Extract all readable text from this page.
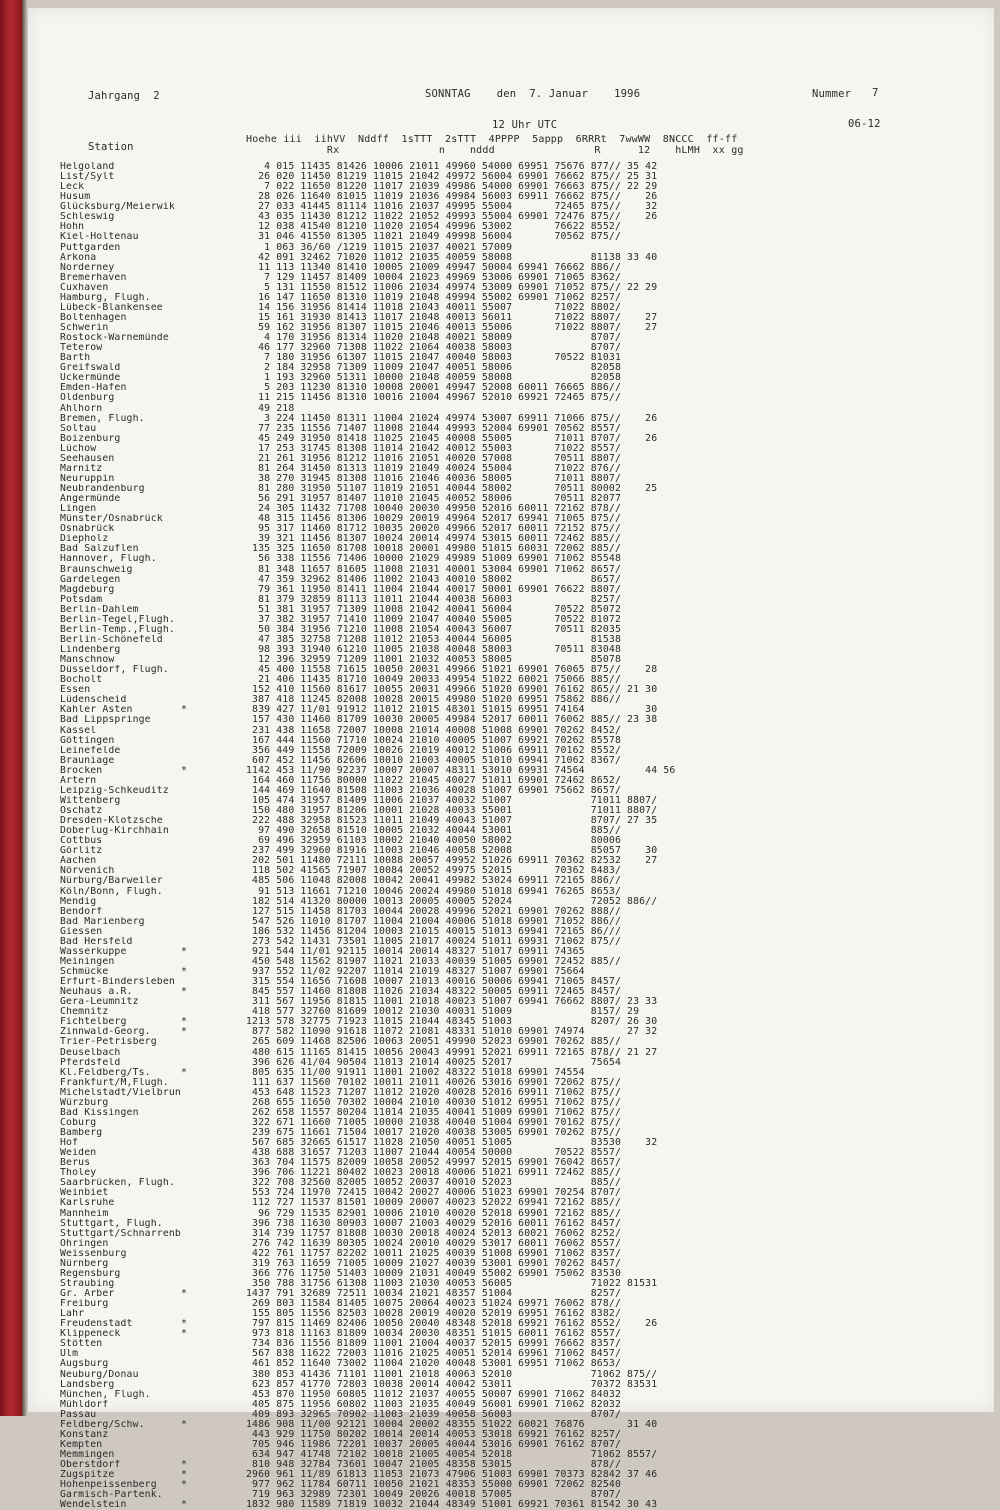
Jahrgang  2	SONNTAG    den  7. Januar    1996	Nummer 7
12 Uhr UTC	06-12
Station
Hoehe iii  iihVV  Nddff  1sTTT  2sTTT  4PPPP  5appp  6RRRt  7wwWW  8NCCC  ff-ff
Rx                n    nddd                R      12    hLMH  xx gg
Helgoland	4 015 11435 81426 10006 21011 49960 54000 69951 75676 877// 35 42
List/Sylt	26 020 11450 81219 11015 21042 49972 56004 69901 76662 875// 25 31
Leck	7 022 11650 81220 11017 21039 49986 54000 69901 76663 875// 22 29
Husum	28 026 11640 81015 11019 21036 49984 56003 69911 76662 875//    26
Glücksburg/Meierwik	27 033 41445 81114 11016 21037 49995 55004       72465 875//    32
Schleswig	43 035 11430 81212 11022 21052 49993 55004 69901 72476 875//    26
Hohn	12 038 41540 81210 11020 21054 49996 53002       76622 8552/
Kiel-Holtenau	31 046 41550 81305 11021 21049 49998 56004       70562 875//
Puttgarden	1 063 36/60 /1219 11015 21037 40021 57009
Arkona	42 091 32462 71020 11012 21035 40059 58008             81138 33 40
Norderney	11 113 11340 81410 10005 21009 49947 50004 69941 76662 886//
Bremerhaven	7 129 11457 81409 10004 21023 49969 53006 69901 71065 8362/
Cuxhaven	5 131 11550 81512 11006 21034 49974 53009 69901 71052 875// 22 29
Hamburg, Flugh.	16 147 11650 81310 11019 21048 49994 55002 69901 71062 8257/
Lübeck-Blankensee	14 156 31956 81414 11018 21043 40011 55007       71022 8802/
Boltenhagen	15 161 31930 81413 11017 21048 40013 56011       71022 8807/    27
Schwerin	59 162 31956 81307 11015 21046 40013 55006       71022 8807/    27
Rostock-Warnemünde	4 170 31956 81314 11020 21048 40021 58009             8707/
Teterow	46 177 32960 71308 11022 21064 40038 58003             8707/
Barth	7 180 31956 61307 11015 21047 40040 58003       70522 81031
Greifswald	2 184 32958 71309 11009 21047 40051 58006             82058
Ückermünde	1 193 32960 51311 10000 21048 40059 58008             82058
Emden-Hafen	5 203 11230 81310 10008 20001 49947 52008 60011 76665 886//
Oldenburg	11 215 11456 81310 10016 21004 49967 52010 69921 72465 875//
Ahlhorn	49 218
Bremen, Flugh.	3 224 11450 81311 11004 21024 49974 53007 69911 71066 875//    26
Soltau	77 235 11556 71407 11008 21044 49993 52004 69901 70562 8557/
Boizenburg	45 249 31950 81418 11025 21045 40008 55005       71011 8707/    26
Lüchow	17 253 31745 81308 11014 21042 40012 55003       71022 8557/
Seehausen	21 261 31956 81212 11016 21051 40020 57008       70511 8807/
Marnitz	81 264 31450 81313 11019 21049 40024 55004       71022 876//
Neuruppin	38 270 31945 81308 11016 21046 40036 58005       71011 8807/
Neubrandenburg	81 280 31950 51107 11019 21051 40044 58002       70511 80002    25
Angermünde	56 291 31957 81407 11010 21045 40052 58006       70511 82077
Lingen	24 305 11432 71708 10040 20030 49950 52016 60011 72162 878//
Münster/Osnabrück	48 315 11456 81306 10029 20019 49964 52017 69941 71065 875//
Osnabrück	95 317 11460 81712 10035 20020 49966 52017 60011 72152 875//
Diepholz	39 321 11456 81307 10024 20014 49974 53015 60011 72462 885//
Bad Salzuflen	135 325 11650 81708 10018 20001 49980 51015 60031 72062 885//
Hannover, Flugh.	56 338 11556 71406 10000 21029 49989 51009 69901 71062 85548
Braunschweig	81 348 11657 81605 11008 21031 40001 53004 69901 71062 8657/
Gardelegen	47 359 32962 81406 11002 21043 40010 58002             8657/
Magdeburg	79 361 11950 81411 11004 21044 40017 50001 69901 76622 8807/
Potsdam	81 379 32859 81113 11011 21044 40038 56003             8257/
Berlin-Dahlem	51 381 31957 71309 11008 21042 40041 56004       70522 85072
Berlin-Tegel,Flugh.	37 382 31957 71410 11009 21047 40040 55005       70522 81072
Berlin-Temp.,Flugh.	50 384 31956 71210 11008 21054 40043 56007       70511 82035
Berlin-Schönefeld	47 385 32758 71208 11012 21053 40044 56005             81538
Lindenberg	98 393 31940 61210 11005 21038 40048 58003       70511 83048
Manschnow	12 396 32959 71209 11001 21032 40053 58005             85078
Düsseldorf, Flugh.	45 400 11558 71615 10050 20031 49966 51021 69901 76065 875//    28
Bocholt	21 406 11435 81710 10049 20033 49954 51022 60021 75066 885//
Essen	152 410 11560 81617 10055 20031 49966 51020 69901 76162 865// 21 30
Lüdenscheid	387 418 11245 82008 10028 20015 49980 51020 69951 75862 886//
Kahler Asten        *	839 427 11/01 91912 11012 21015 48301 51015 69951 74164          30
Bad Lippspringe	157 430 11460 81709 10030 20005 49984 52017 60011 76062 885// 23 38
Kassel	231 438 11658 72007 10008 21014 40008 51008 69901 70262 8452/
Göttingen	167 444 11560 71710 10024 21010 40005 51007 69921 70262 85578
Leinefelde	356 449 11558 72009 10026 21019 40012 51006 69911 70162 8552/
Brauniage	607 452 11456 82606 10010 21003 40005 51010 69941 71062 8367/
Brocken             *	1142 453 11/90 92237 10007 20007 48311 53010 69931 74564          44 56
Artern	164 460 11756 80000 11022 21045 40027 51011 69901 72462 8652/
Leipzig-Schkeuditz	144 469 11640 81508 11003 21036 40028 51007 69901 75662 8657/
Wittenberg	105 474 31957 81409 11006 21037 40032 51007             71011 8807/
Oschatz	150 480 31957 81206 10001 21028 40033 55001             71011 8807/
Dresden-Klotzsche	222 488 32958 81523 11011 21049 40043 51007             8707/ 27 35
Doberlug-Kirchhain	97 490 32658 81510 10005 21032 40044 53001             885//
Cottbus	69 496 32959 61103 10002 21040 40050 58002             80006
Görlitz	237 499 32960 81916 11003 21046 40058 52008             85057    30
Aachen	202 501 11480 72111 10088 20057 49952 51026 69911 70362 82532    27
Nörvenich	118 502 41565 71907 10084 20052 49975 52015       70362 8483/
Nürburg/Barweiler	485 506 11048 82008 10042 20041 49982 53024 69911 72165 886//
Köln/Bonn, Flugh.	91 513 11661 71210 10046 20024 49980 51018 69941 76265 8653/
Mendig	182 514 41320 80000 10013 20005 40005 52024             72052 886//
Bendorf	127 515 11458 81703 10044 20028 49996 52021 69901 70262 888//
Bad Marienberg	547 526 11010 81707 11004 21004 40006 51018 69901 71052 886//
Giessen	186 532 11456 81204 10003 21015 40015 51013 69941 72165 86///
Bad Hersfeld	273 542 11431 73501 11005 21017 40024 51011 69931 71062 875//
Wasserkuppe         *	921 544 11/01 92115 10014 20014 48327 51017 69911 74365
Meiningen	450 548 11562 81907 11021 21033 40039 51005 69901 72452 885//
Schmücke            *	937 552 11/02 92207 11014 21019 48327 51007 69901 75664
Erfurt-Bindersleben	315 554 11656 71608 10007 21013 40016 50006 69941 71065 8457/
Neuhaus a.R.        *	845 557 11460 81808 11026 21034 48322 50005 69911 72465 8457/
Gera-Leumnitz	311 567 11956 81815 11001 21018 40023 51007 69941 76662 8807/ 23 33
Chemnitz	418 577 32760 81609 10012 21030 40031 51009             8157/ 29
Fichtelberg         *	1213 578 32775 71923 11015 21044 48345 51003             8207/ 26 30
Zinnwald-Georg.     *	877 582 11090 91618 11072 21081 48331 51010 69901 74974       27 32
Trier-Petrisberg	265 609 11468 82506 10063 20051 49990 52023 69901 70262 885//
Deuselbach	480 615 11165 81415 10056 20043 49991 52021 69911 72165 878// 21 27
Pferdsfeld	396 626 41/04 90504 11013 21014 40025 52017             75654
Kl.Feldberg/Ts.     *	805 635 11/00 91911 11001 21002 48322 51018 69901 74554
Frankfurt/M,Flugh.	111 637 11560 70102 10011 21011 40026 53016 69901 72062 875//
Michelstadt/Vielbrun	453 648 11523 71207 11012 21020 40028 52016 69911 71062 875//
Würzburg	268 655 11650 70302 10004 21010 40030 51012 69951 71062 875//
Bad Kissingen	262 658 11557 80204 11014 21035 40041 51009 69901 71062 875//
Coburg	322 671 11660 71005 10000 21038 40040 51004 69901 70162 875//
Bamberg	239 675 11661 71504 10017 21020 40038 53005 69901 70262 875//
Hof	567 685 32665 61517 11028 21050 40051 51005             83530    32
Weiden	438 688 31657 71203 11007 21044 40054 50000       70522 8557/
Berus	363 704 11575 82009 10058 20052 49997 52015 69901 76042 8657/
Tholey	396 706 11221 80402 10023 20018 40006 51021 69911 72462 885//
Saarbrücken, Flugh.	322 708 32560 82005 10052 20037 40010 52023             885//
Weinbiet	553 724 11970 72415 10042 20027 40006 51023 69901 70254 8707/
Karlsruhe	112 727 11537 81501 10009 20007 40023 52022 69941 72162 885//
Mannheim	96 729 11535 82901 10006 21010 40020 52018 69901 72162 885//
Stuttgart, Flugh.	396 738 11630 80903 10007 21003 40029 52016 60011 76162 8457/
Stuttgart/Schnarrenb	314 739 11757 81808 10030 20018 40024 52013 60021 76062 8252/
Öhringen	276 742 11639 80305 10024 20010 40029 53017 60011 76062 8557/
Weissenburg	422 761 11757 82202 10011 21025 40039 51008 69901 71062 8357/
Nürnberg	319 763 11659 71005 10009 21027 40039 53001 69901 70262 8457/
Regensburg	366 776 11750 51403 10009 21031 40049 55002 69901 75062 83530
Straubing	350 788 31756 61308 11003 21030 40053 56005             71022 81531
Gr. Arber           *	1437 791 32689 72511 10034 21021 48357 51004             8257/
Freiburg	269 803 11584 81405 10075 20064 40023 51024 69971 76062 878//
Lahr	155 805 11556 82503 10028 20019 40020 52019 69951 76162 8382/
Freudenstadt        *	797 815 11469 82406 10050 20040 48348 52018 69921 76162 8552/    26
Klippeneck          *	973 818 11163 81809 10034 20030 48351 51015 60011 76162 8557/
Stötten	734 836 11556 81809 11001 21004 40037 52015 69991 76662 8357/
Ulm	567 838 11622 72003 11016 21025 40051 52014 69961 71062 8457/
Augsburg	461 852 11640 73002 11004 21020 40048 53001 69951 71062 8653/
Neuburg/Donau	380 853 41436 71101 11001 21018 40063 52010             71062 875//
Landsberg	623 857 41770 72803 10038 20014 40042 53011             70372 83531
München, Flugh.	453 870 11950 60805 11012 21037 40055 50007 69901 71062 84032
Mühldorf	405 875 11956 60802 11003 21035 40049 56001 69901 71062 82032
Passau	409 893 32965 70902 11003 21039 40058 56003             8707/
Feldberg/Schw.      *	1486 908 11/00 92121 10004 20002 48355 51022 60021 76876       31 40
Konstanz	443 929 11750 80202 10014 20014 40053 53018 69921 76162 8257/
Kempten	705 946 11986 72201 10037 20005 40044 53016 69901 76162 8707/
Memmingen	634 947 41748 72102 10018 21005 40054 52018             71062 8557/
Oberstdorf          *	810 948 32784 73601 10047 21005 48358 53015             878//
Zugspitze           *	2960 961 11/89 61813 11053 21073 47906 51003 69901 70373 82842 37 46
Hohenpeissenberg    *	977 962 11784 60711 10050 21021 48353 55000 69901 72062 82540
Garmisch-Partenk.	719 963 32989 72301 10049 20026 40018 57005             8707/
Wendelstein         *	1832 980 11589 71819 10032 21044 48349 51001 69921 70361 81542 30 43
